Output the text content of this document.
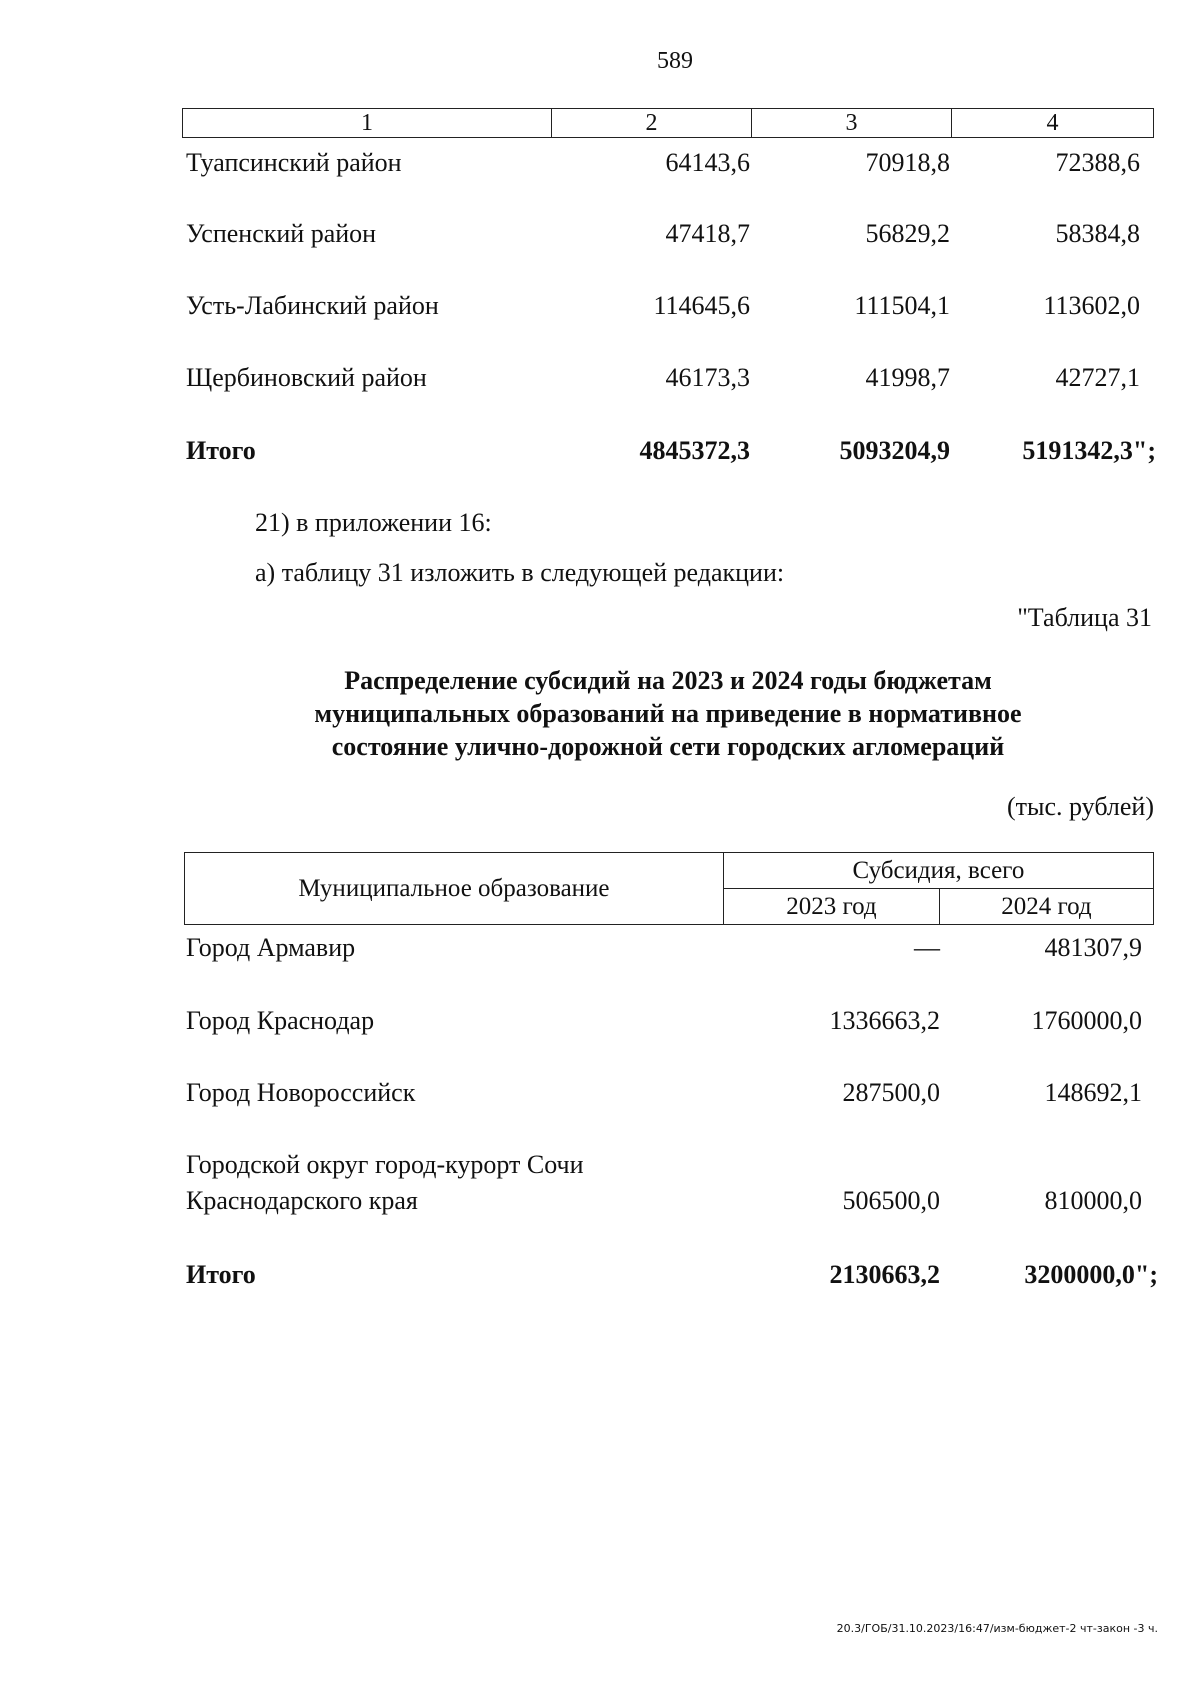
589
1	2	3	4
Туапсинский район	64143,6	70918,8	72388,6
Успенский район	47418,7	56829,2	58384,8
Усть-Лабинский район	114645,6	111504,1	113602,0
Щербиновский район	46173,3	41998,7	42727,1
Итого	4845372,3	5093204,9	5191342,3";
21) в приложении 16:
а) таблицу 31 изложить в следующей редакции:
"Таблица 31
Распределение субсидий на 2023 и 2024 годы бюджетам
муниципальных образований на приведение в нормативное
состояние улично-дорожной сети городских агломераций
(тыс. рублей)
Муниципальное образование	Субсидия, всего	
	2023 год	2024 год
Город Армавир	—	481307,9
Город Краснодар	1336663,2	1760000,0
Город Новороссийск	287500,0	148692,1
Городской округ город-курорт Сочи
Краснодарского края	506500,0	810000,0
Итого	2130663,2	3200000,0";
20.3/ГОБ/31.10.2023/16:47/изм-бюджет-2 чт-закон -3 ч.
